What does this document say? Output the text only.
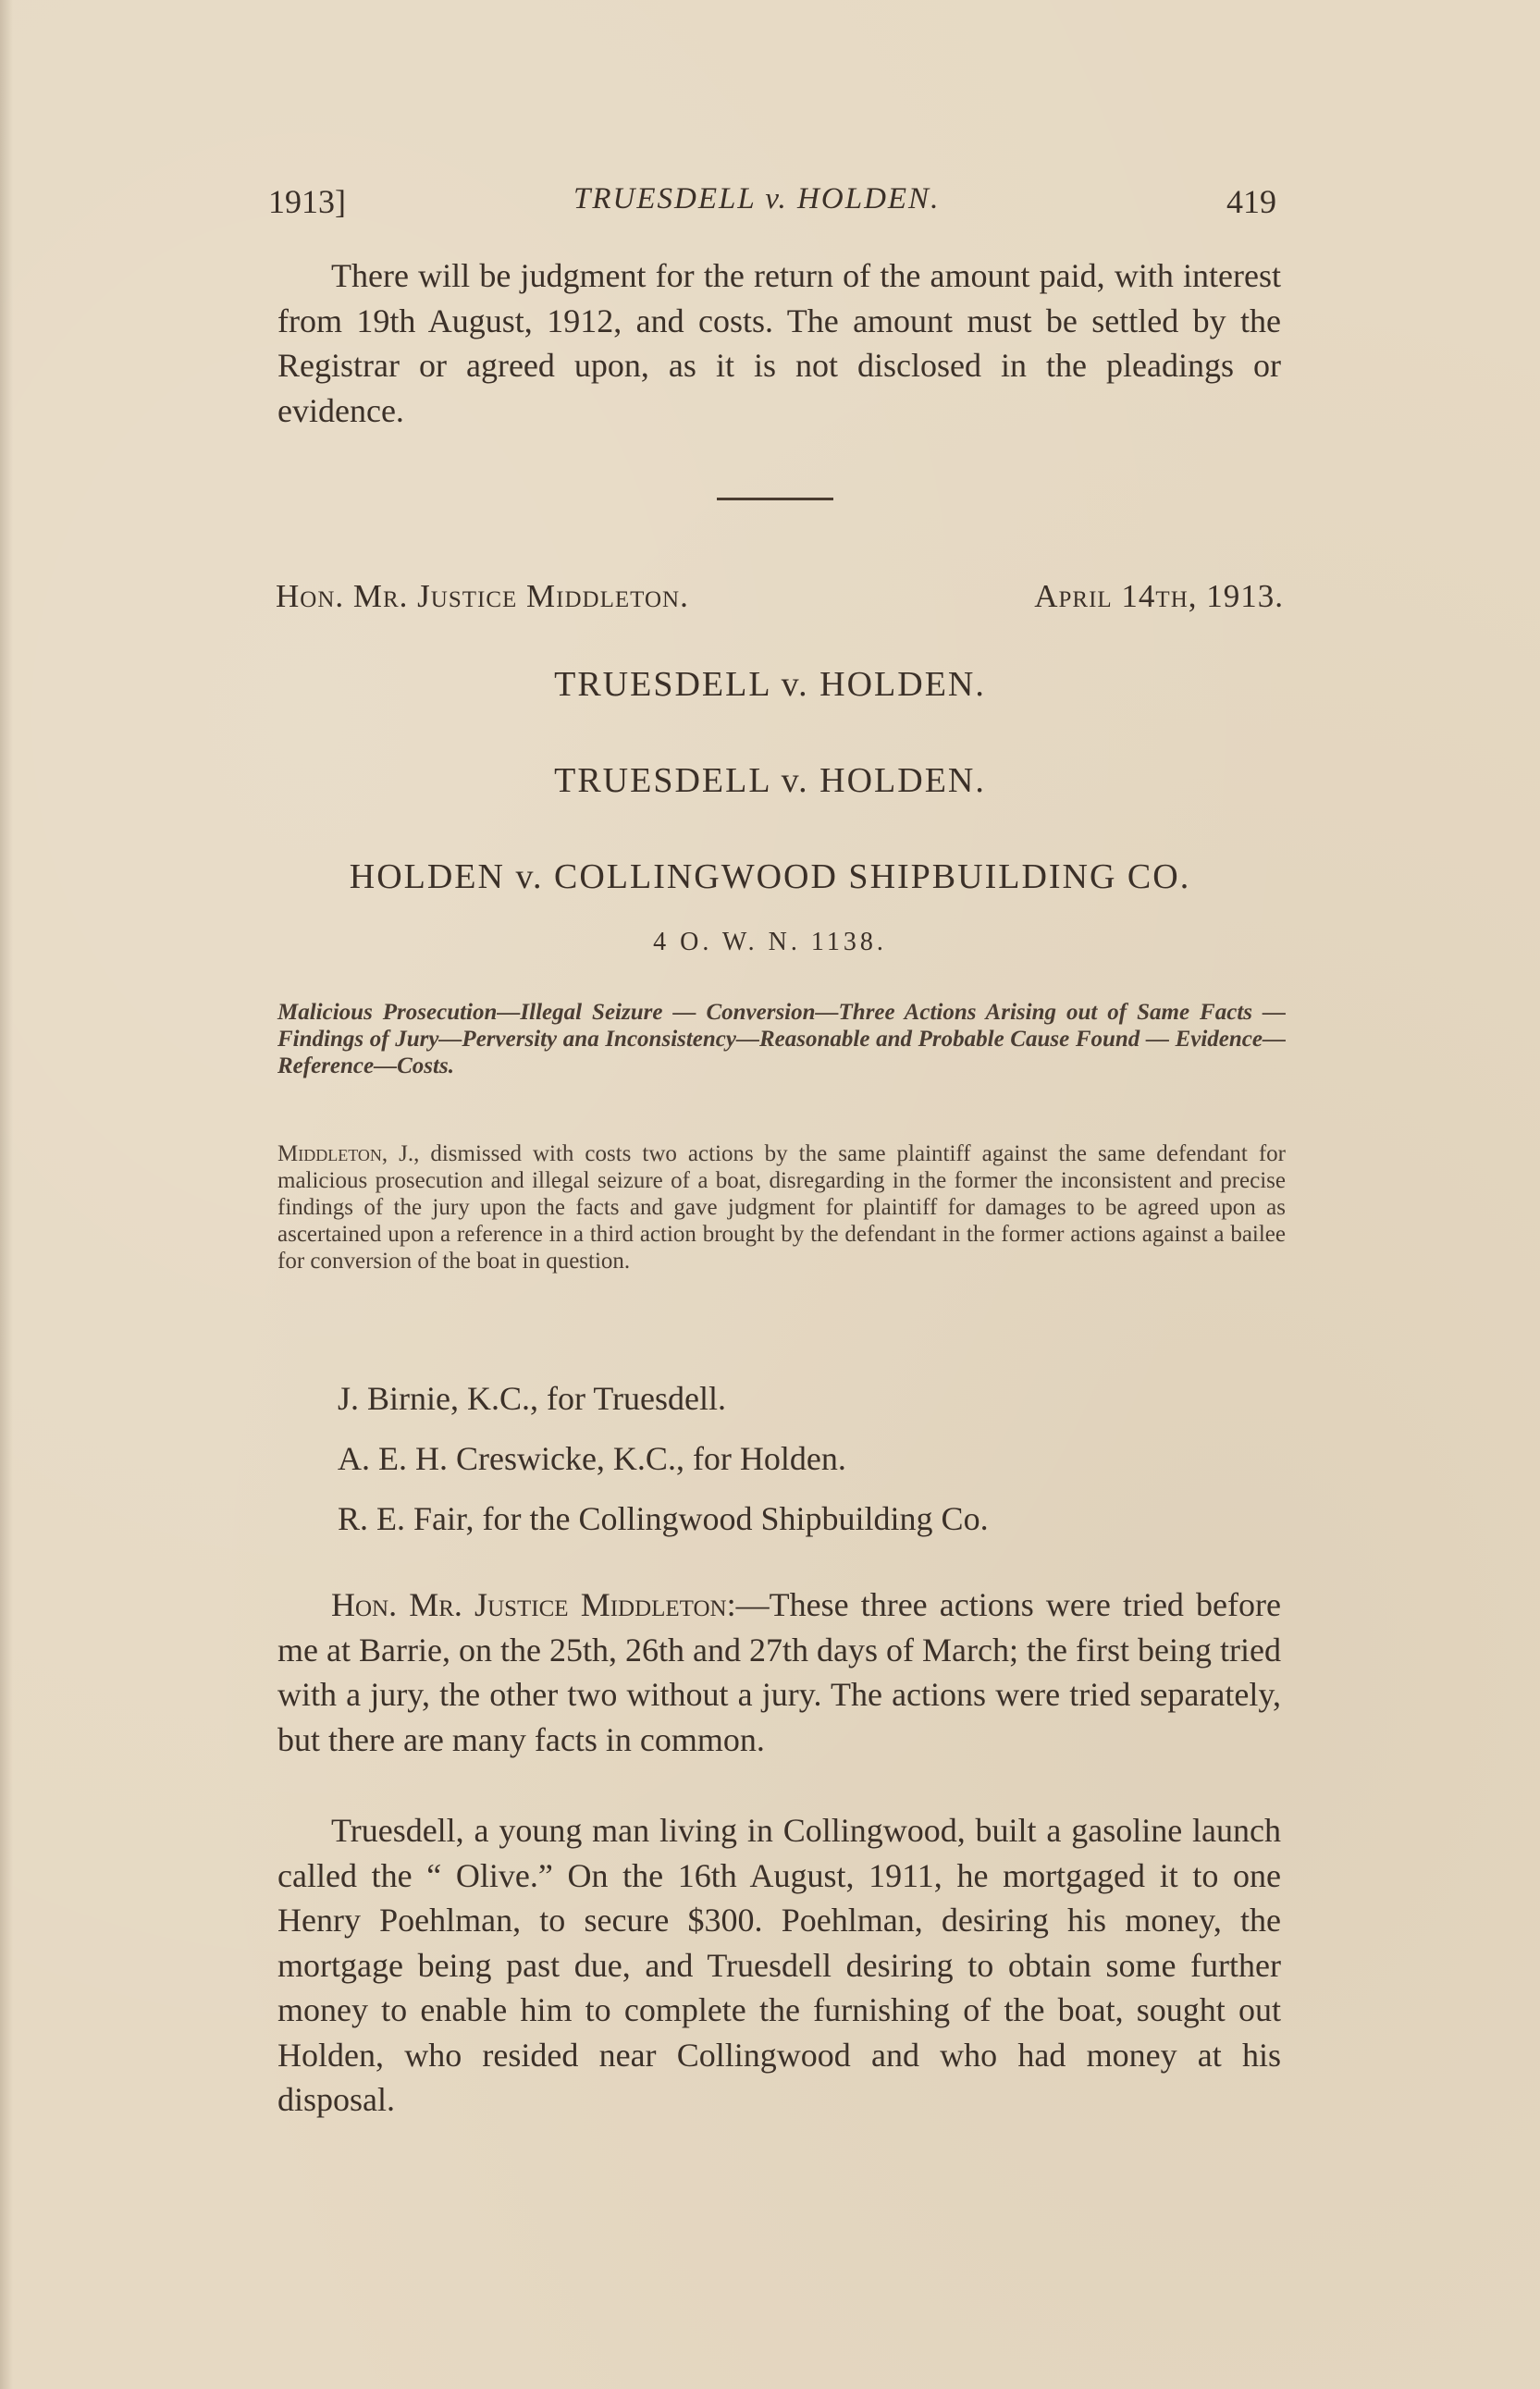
1913]	TRUESDELL v. HOLDEN.	419

There will be judgment for the return of the amount paid, with interest from 19th August, 1912, and costs. The amount must be settled by the Registrar or agreed upon, as it is not disclosed in the pleadings or evidence.

Hon. Mr. Justice Middleton.	April 14th, 1913.
TRUESDELL v. HOLDEN.
TRUESDELL v. HOLDEN.
HOLDEN v. COLLINGWOOD SHIPBUILDING CO.
4 O. W. N. 1138.

Malicious Prosecution—Illegal Seizure — Conversion—Three Actions Arising out of Same Facts — Findings of Jury—Perversity ana Inconsistency—Reasonable and Probable Cause Found — Evidence—Reference—Costs.

Middleton, J., dismissed with costs two actions by the same plaintiff against the same defendant for malicious prosecution and illegal seizure of a boat, disregarding in the former the inconsistent and precise findings of the jury upon the facts and gave judgment for plaintiff for damages to be agreed upon as ascertained upon a reference in a third action brought by the defendant in the former actions against a bailee for conversion of the boat in question.

J. Birnie, K.C., for Truesdell.

A. E. H. Creswicke, K.C., for Holden.

R. E. Fair, for the Collingwood Shipbuilding Co.

Hon. Mr. Justice Middleton:—These three actions were tried before me at Barrie, on the 25th, 26th and 27th days of March; the first being tried with a jury, the other two without a jury. The actions were tried separately, but there are many facts in common.

Truesdell, a young man living in Collingwood, built a gasoline launch called the “ Olive.” On the 16th August, 1911, he mortgaged it to one Henry Poehlman, to secure $300. Poehlman, desiring his money, the mortgage being past due, and Truesdell desiring to obtain some further money to enable him to complete the furnishing of the boat, sought out Holden, who resided near Collingwood and who had money at his disposal.
